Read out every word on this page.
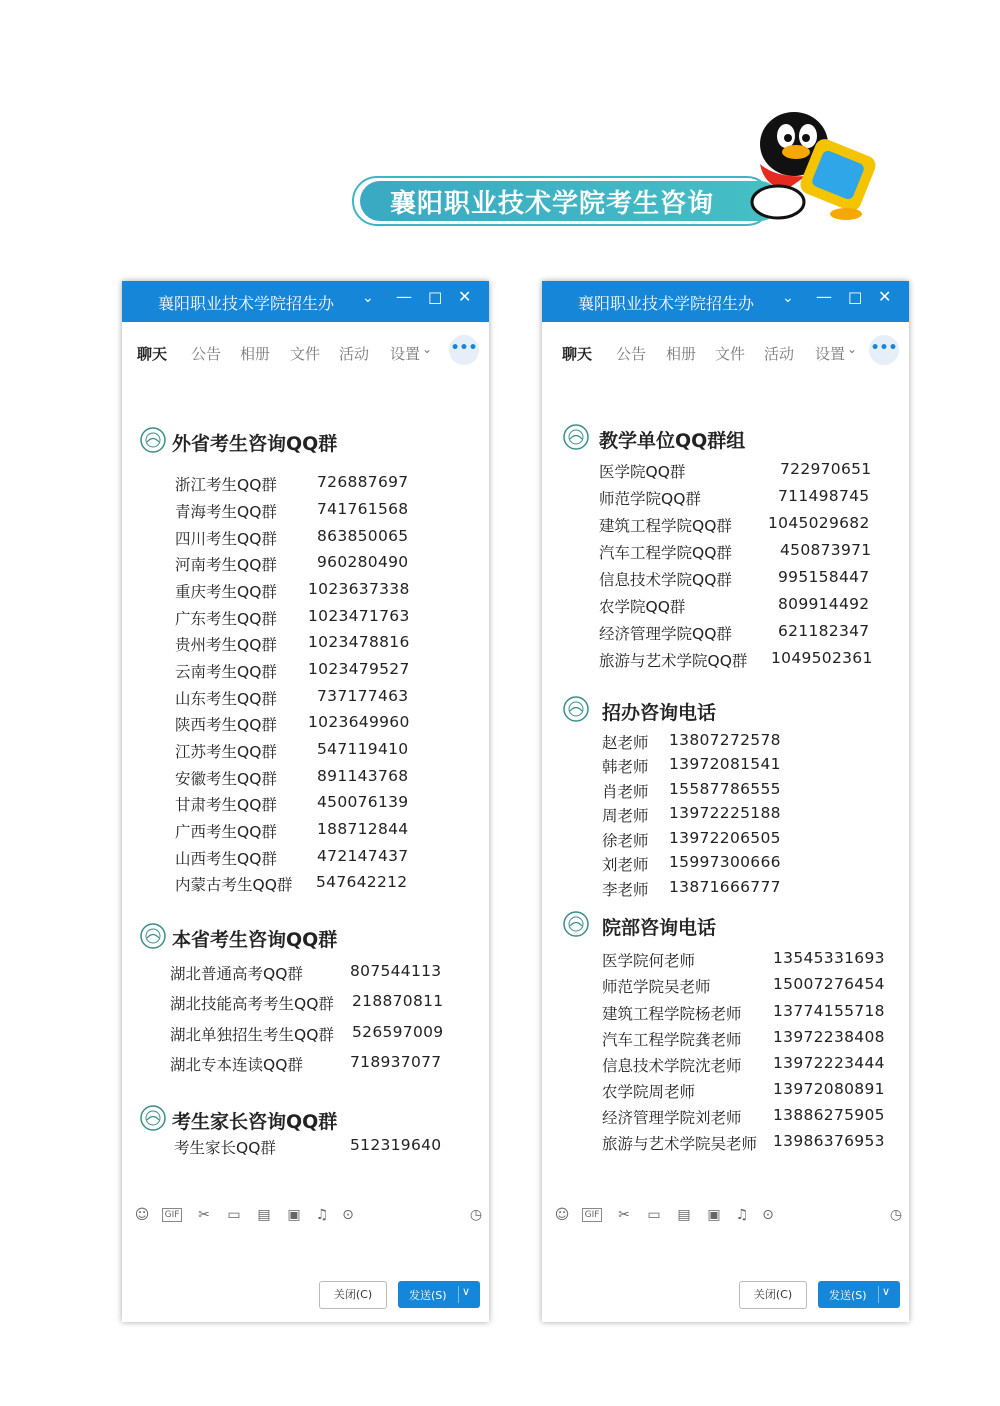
襄阳职业技术学院考生咨询
襄阳职业技术学院招生办 ⌄ — ☐ ✕
聊天 公告 相册 文件 活动 设置 ⌄ •••
外省考生咨询QQ群
浙江考生QQ群	726887697
青海考生QQ群	741761568
四川考生QQ群	863850065
河南考生QQ群	960280490
重庆考生QQ群 1023637338
广东考生QQ群 1023471763
贵州考生QQ群 1023478816
云南考生QQ群 1023479527
山东考生QQ群	737177463
陕西考生QQ群 1023649960
江苏考生QQ群	547119410
安徽考生QQ群	891143768
甘肃考生QQ群	450076139
广西考生QQ群	188712844
山西考生QQ群	472147437
内蒙古考生QQ群 547642212
本省考生咨询QQ群
湖北普通高考QQ群	807544113
湖北技能高考考生QQ群 218870811
湖北单独招生考生QQ群 526597009
湖北专本连读QQ群	718937077
考生家长咨询QQ群
考生家长QQ群	512319640
☺	GIF ✂ ▭ ▤ ▣ ♫ ⊙	◷
关闭(C)	发送(S) ∨
襄阳职业技术学院招生办 ⌄ — ☐ ✕
聊天 公告 相册 文件 活动 设置 ⌄ •••
教学单位QQ群组
医学院QQ群	722970651
师范学院QQ群	711498745
建筑工程学院QQ群 1045029682
汽车工程学院QQ群	450873971
信息技术学院QQ群	995158447
农学院QQ群	809914492
经济管理学院QQ群	621182347
旅游与艺术学院QQ群 1049502361
招办咨询电话
赵老师 13807272578
韩老师 13972081541
肖老师 15587786555
周老师 13972225188
徐老师 13972206505
刘老师 15997300666
李老师 13871666777
院部咨询电话
医学院何老师	13545331693
师范学院吴老师	15007276454
建筑工程学院杨老师 13774155718
汽车工程学院龚老师 13972238408
信息技术学院沈老师 13972223444
农学院周老师	13972080891
经济管理学院刘老师 13886275905
旅游与艺术学院吴老师 13986376953
☺	GIF ✂ ▭ ▤ ▣ ♫ ⊙	◷
关闭(C)	发送(S) ∨
